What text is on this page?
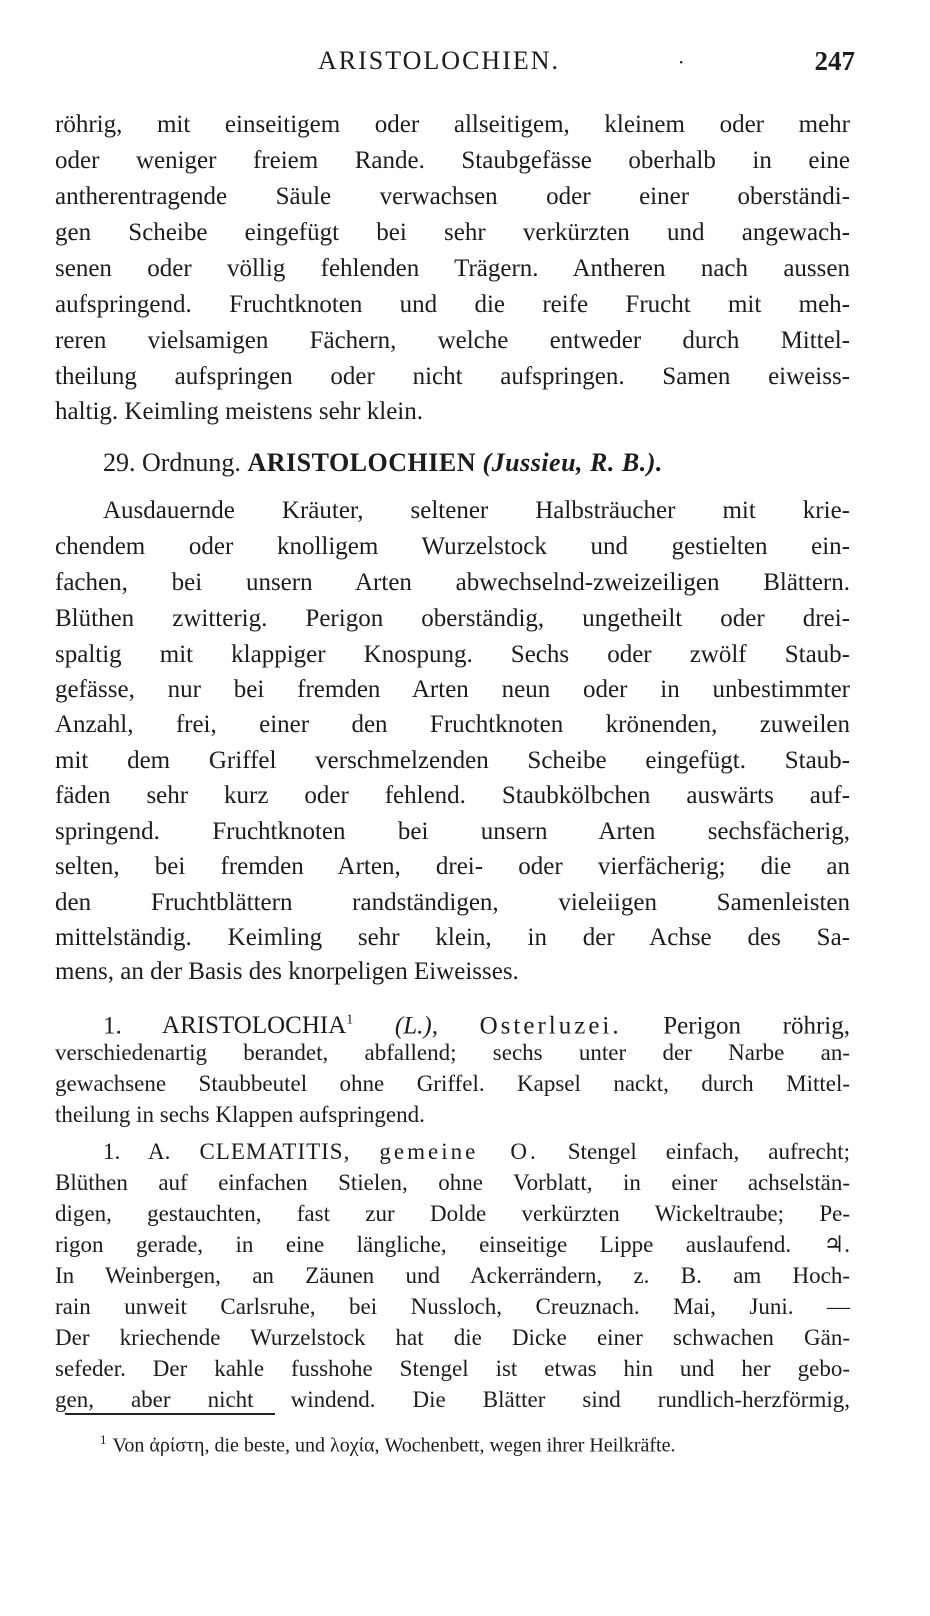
ARISTOLOCHIEN.	·	247
röhrig, mit einseitigem oder allseitigem, kleinem oder mehr
oder weniger freiem Rande. Staubgefässe oberhalb in eine
antherentragende Säule verwachsen oder einer oberständi-
gen Scheibe eingefügt bei sehr verkürzten und angewach-
senen oder völlig fehlenden Trägern. Antheren nach aussen
aufspringend. Fruchtknoten und die reife Frucht mit meh-
reren vielsamigen Fächern, welche entweder durch Mittel-
theilung aufspringen oder nicht aufspringen. Samen eiweiss-
haltig. Keimling meistens sehr klein.
29. Ordnung. ARISTOLOCHIEN (Jussieu, R. B.).
Ausdauernde Kräuter, seltener Halbsträucher mit krie-
chendem oder knolligem Wurzelstock und gestielten ein-
fachen, bei unsern Arten abwechselnd-zweizeiligen Blättern.
Blüthen zwitterig. Perigon oberständig, ungetheilt oder drei-
spaltig mit klappiger Knospung. Sechs oder zwölf Staub-
gefässe, nur bei fremden Arten neun oder in unbestimmter
Anzahl, frei, einer den Fruchtknoten krönenden, zuweilen
mit dem Griffel verschmelzenden Scheibe eingefügt. Staub-
fäden sehr kurz oder fehlend. Staubkölbchen auswärts auf-
springend. Fruchtknoten bei unsern Arten sechsfächerig,
selten, bei fremden Arten, drei- oder vierfächerig; die an
den Fruchtblättern randständigen, vieleiigen Samenleisten
mittelständig. Keimling sehr klein, in der Achse des Sa-
mens, an der Basis des knorpeligen Eiweisses.
1. ARISTOLOCHIA$^1$ (L.), Osterluzei. Perigon röhrig,
verschiedenartig berandet, abfallend; sechs unter der Narbe an-
gewachsene Staubbeutel ohne Griffel. Kapsel nackt, durch Mittel-
theilung in sechs Klappen aufspringend.
1. A. CLEMATITIS, gemeine O. Stengel einfach, aufrecht;
Blüthen auf einfachen Stielen, ohne Vorblatt, in einer achselstän-
digen, gestauchten, fast zur Dolde verkürzten Wickeltraube; Pe-
rigon gerade, in eine längliche, einseitige Lippe auslaufend. ♃.
In Weinbergen, an Zäunen und Ackerrändern, z. B. am Hoch-
rain unweit Carlsruhe, bei Nussloch, Creuznach. Mai, Juni. —
Der kriechende Wurzelstock hat die Dicke einer schwachen Gän-
sefeder. Der kahle fusshohe Stengel ist etwas hin und her gebo-
gen, aber nicht windend. Die Blätter sind rundlich-herzförmig,
$^1$ Von ἀρίστη, die beste, und λοχία, Wochenbett, wegen ihrer Heilkräfte.
